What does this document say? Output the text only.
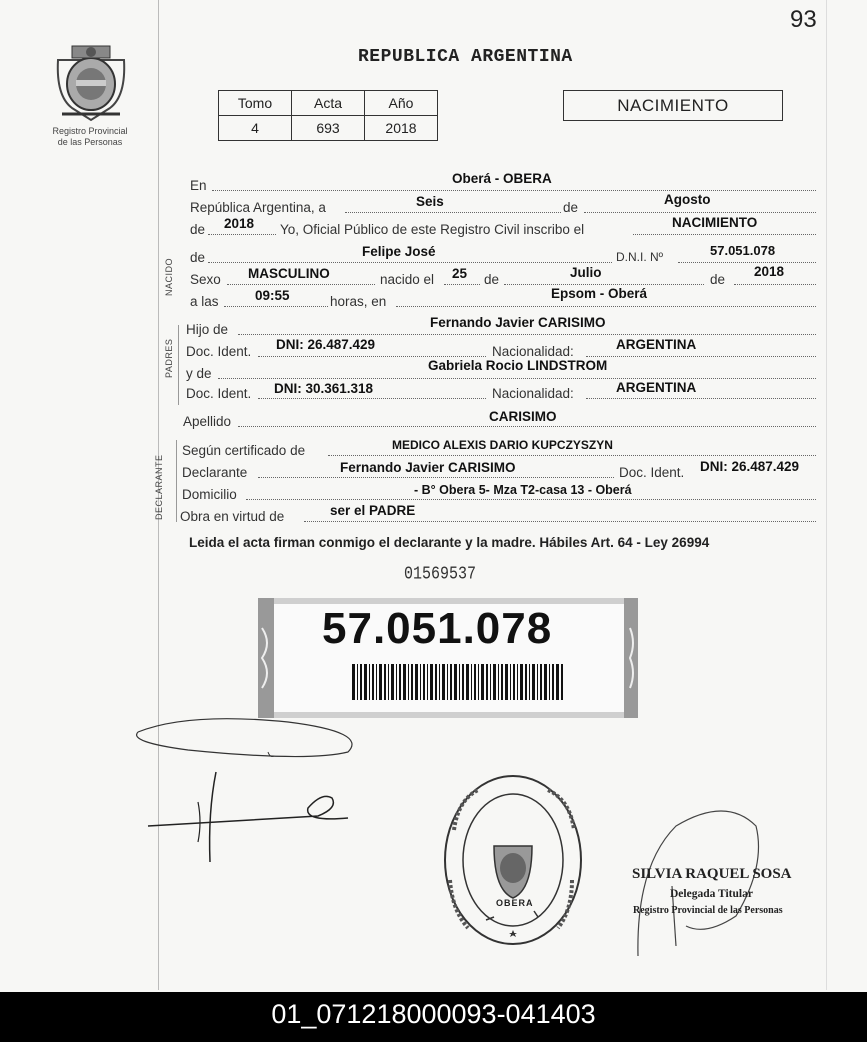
93
Registro Provincial
de las Personas
REPUBLICA ARGENTINA
Tomo	Acta	Año
4	693	2018
NACIMIENTO
NACIDO
PADRES
DECLARANTE
En	Oberá - OBERA
República Argentina, a	Seis	de
Agosto
de 2018 Yo, Oficial Público de este Registro Civil inscribo el	NACIMIENTO
de	Felipe José	D.N.I. Nº	57.051.078
Sexo MASCULINO	nacido el 25 de	Julio	de
2018
a las	09:55	horas, en
Epsom - Oberá
Hijo de	Fernando Javier CARISIMO
Doc. Ident. DNI: 26.487.429	Nacionalidad:	ARGENTINA
y de
Gabriela Rocio LINDSTROM
Doc. Ident. DNI: 30.361.318	Nacionalidad:	ARGENTINA
Apellido	CARISIMO
Según certificado de	MEDICO ALEXIS DARIO KUPCZYSZYN
Declarante	Fernando Javier CARISIMO	Doc. Ident. DNI: 26.487.429
Domicilio	- B° Obera 5- Mza T2-casa 13 - Oberá
Obra en virtud de	ser el PADRE
Leida el acta firman conmigo el declarante y la madre. Hábiles Art. 64 - Ley 26994
01569537
57.051.078
OBERA
SILVIA RAQUEL SOSA
Delegada Titular
Registro Provincial de las Personas
01_071218000093-041403
